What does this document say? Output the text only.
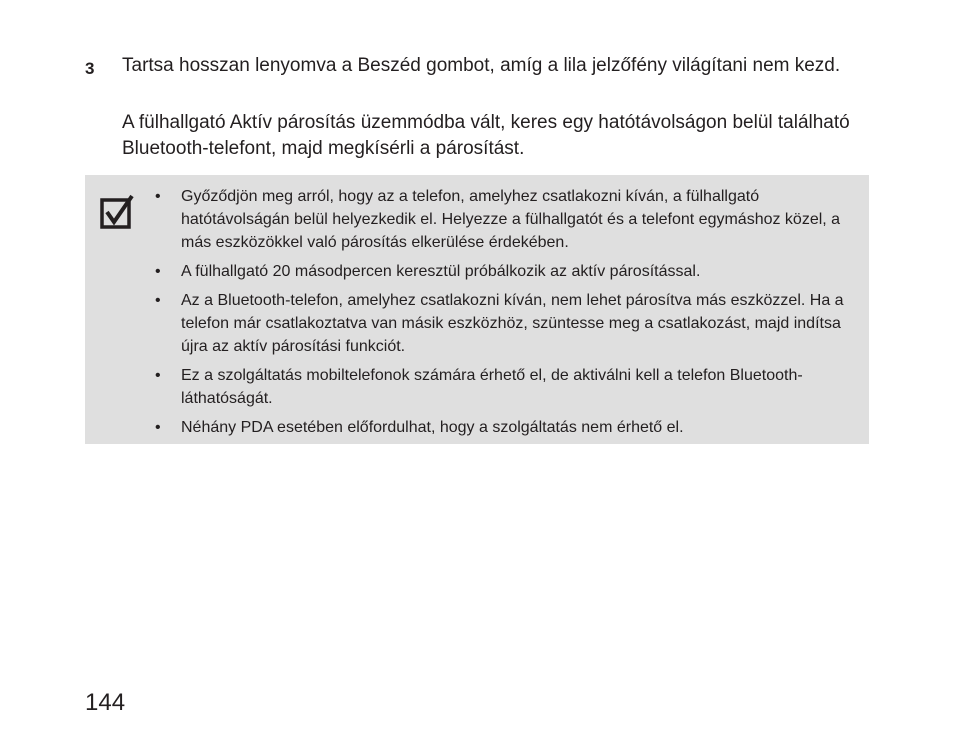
3 Tartsa hosszan lenyomva a Beszéd gombot, amíg a lila jelzőfény világítani nem kezd.

A fülhallgató Aktív párosítás üzemmódba vált, keres egy hatótávolságon belül található Bluetooth-telefont, majd megkísérli a párosítást.

• Győződjön meg arról, hogy az a telefon, amelyhez csatlakozni kíván, a fülhallgató hatótávolságán belül helyezkedik el. Helyezze a fülhallgatót és a telefont egymáshoz közel, a más eszközökkel való párosítás elkerülése érdekében.
• A fülhallgató 20 másodpercen keresztül próbálkozik az aktív párosítással.
• Az a Bluetooth-telefon, amelyhez csatlakozni kíván, nem lehet párosítva más eszközzel. Ha a telefon már csatlakoztatva van másik eszközhöz, szüntesse meg a csatlakozást, majd indítsa újra az aktív párosítási funkciót.
• Ez a szolgáltatás mobiltelefonok számára érhető el, de aktiválni kell a telefon Bluetooth-láthatóságát.
• Néhány PDA esetében előfordulhat, hogy a szolgáltatás nem érhető el.
144
